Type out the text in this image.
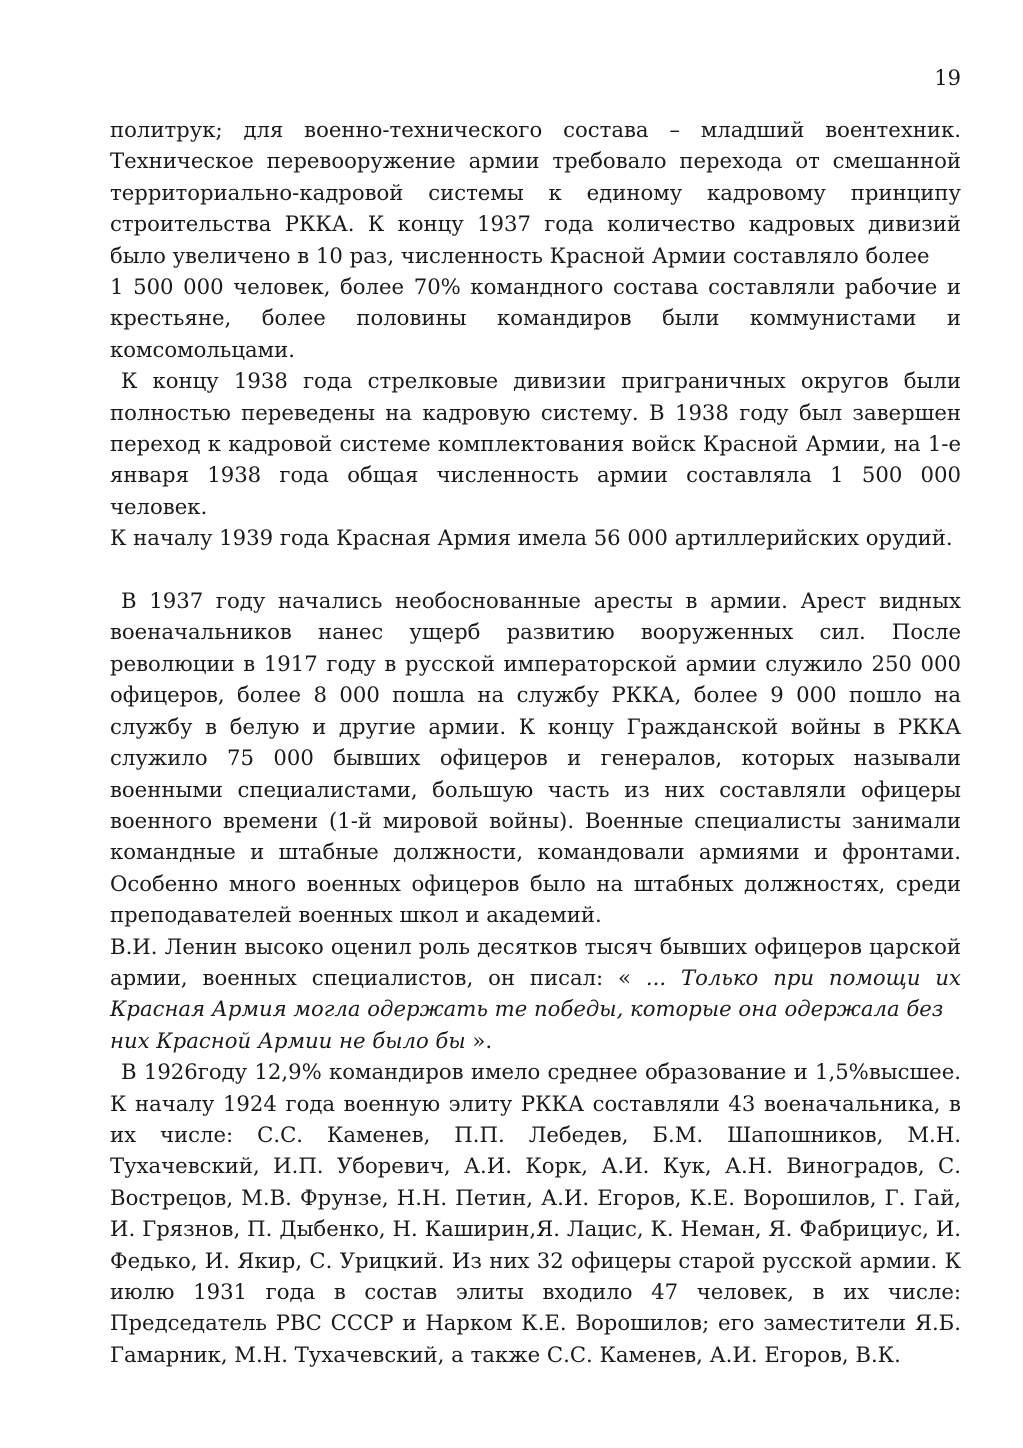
19

политрук; для военно-технического состава – младший воентехник. Техническое перевооружение армии требовало перехода от смешанной территориально-кадровой системы к единому кадровому принципу строительства РККА. К концу 1937 года количество кадровых дивизий было увеличено в 10 раз, численность Красной Армии составляло более

1 500 000 человек, более 70% командного состава составляли рабочие и крестьяне, более половины командиров были коммунистами и комсомольцами.

К концу 1938 года стрелковые дивизии приграничных округов были полностью переведены на кадровую систему. В 1938 году был завершен переход к кадровой системе комплектования войск Красной Армии, на 1-е января 1938 года общая численность армии составляла 1 500 000 человек.

К началу 1939 года Красная Армия имела 56 000 артиллерийских орудий.

В 1937 году начались необоснованные аресты в армии. Арест видных военачальников нанес ущерб развитию вооруженных сил. После революции в 1917 году в русской императорской армии служило 250 000 офицеров, более 8 000 пошла на службу РККА, более 9 000 пошло на службу в белую и другие армии. К концу Гражданской войны в РККА служило 75 000 бывших офицеров и генералов, которых называли военными специалистами, большую часть из них составляли офицеры военного времени (1-й мировой войны). Военные специалисты занимали командные и штабные должности, командовали армиями и фронтами. Особенно много военных офицеров было на штабных должностях, среди преподавателей военных школ и академий.

В.И. Ленин высоко оценил роль десятков тысяч бывших офицеров царской армии, военных специалистов, он писал: « ... Только при помощи их Красная Армия могла одержать те победы, которые она одержала без
них Красной Армии не было бы ».

В 1926году 12,9% командиров имело среднее образование и 1,5%высшее. К началу 1924 года военную элиту РККА составляли 43 военачальника, в их числе: С.С. Каменев, П.П. Лебедев, Б.М. Шапошников, М.Н. Тухачевский, И.П. Уборевич, А.И. Корк, А.И. Кук, А.Н. Виноградов, С. Вострецов, М.В. Фрунзе, Н.Н. Петин, А.И. Егоров, К.Е. Ворошилов, Г. Гай, И. Грязнов, П. Дыбенко, Н. Каширин,Я. Лацис, К. Неман, Я. Фабрициус, И. Федько, И. Якир, С. Урицкий. Из них 32 офицеры старой русской армии. К июлю 1931 года в состав элиты входило 47 человек, в их числе: Председатель РВС СССР и Нарком К.Е. Ворошилов; его заместители Я.Б. Гамарник, М.Н. Тухачевский, а также С.С. Каменев, А.И. Егоров, В.К.
